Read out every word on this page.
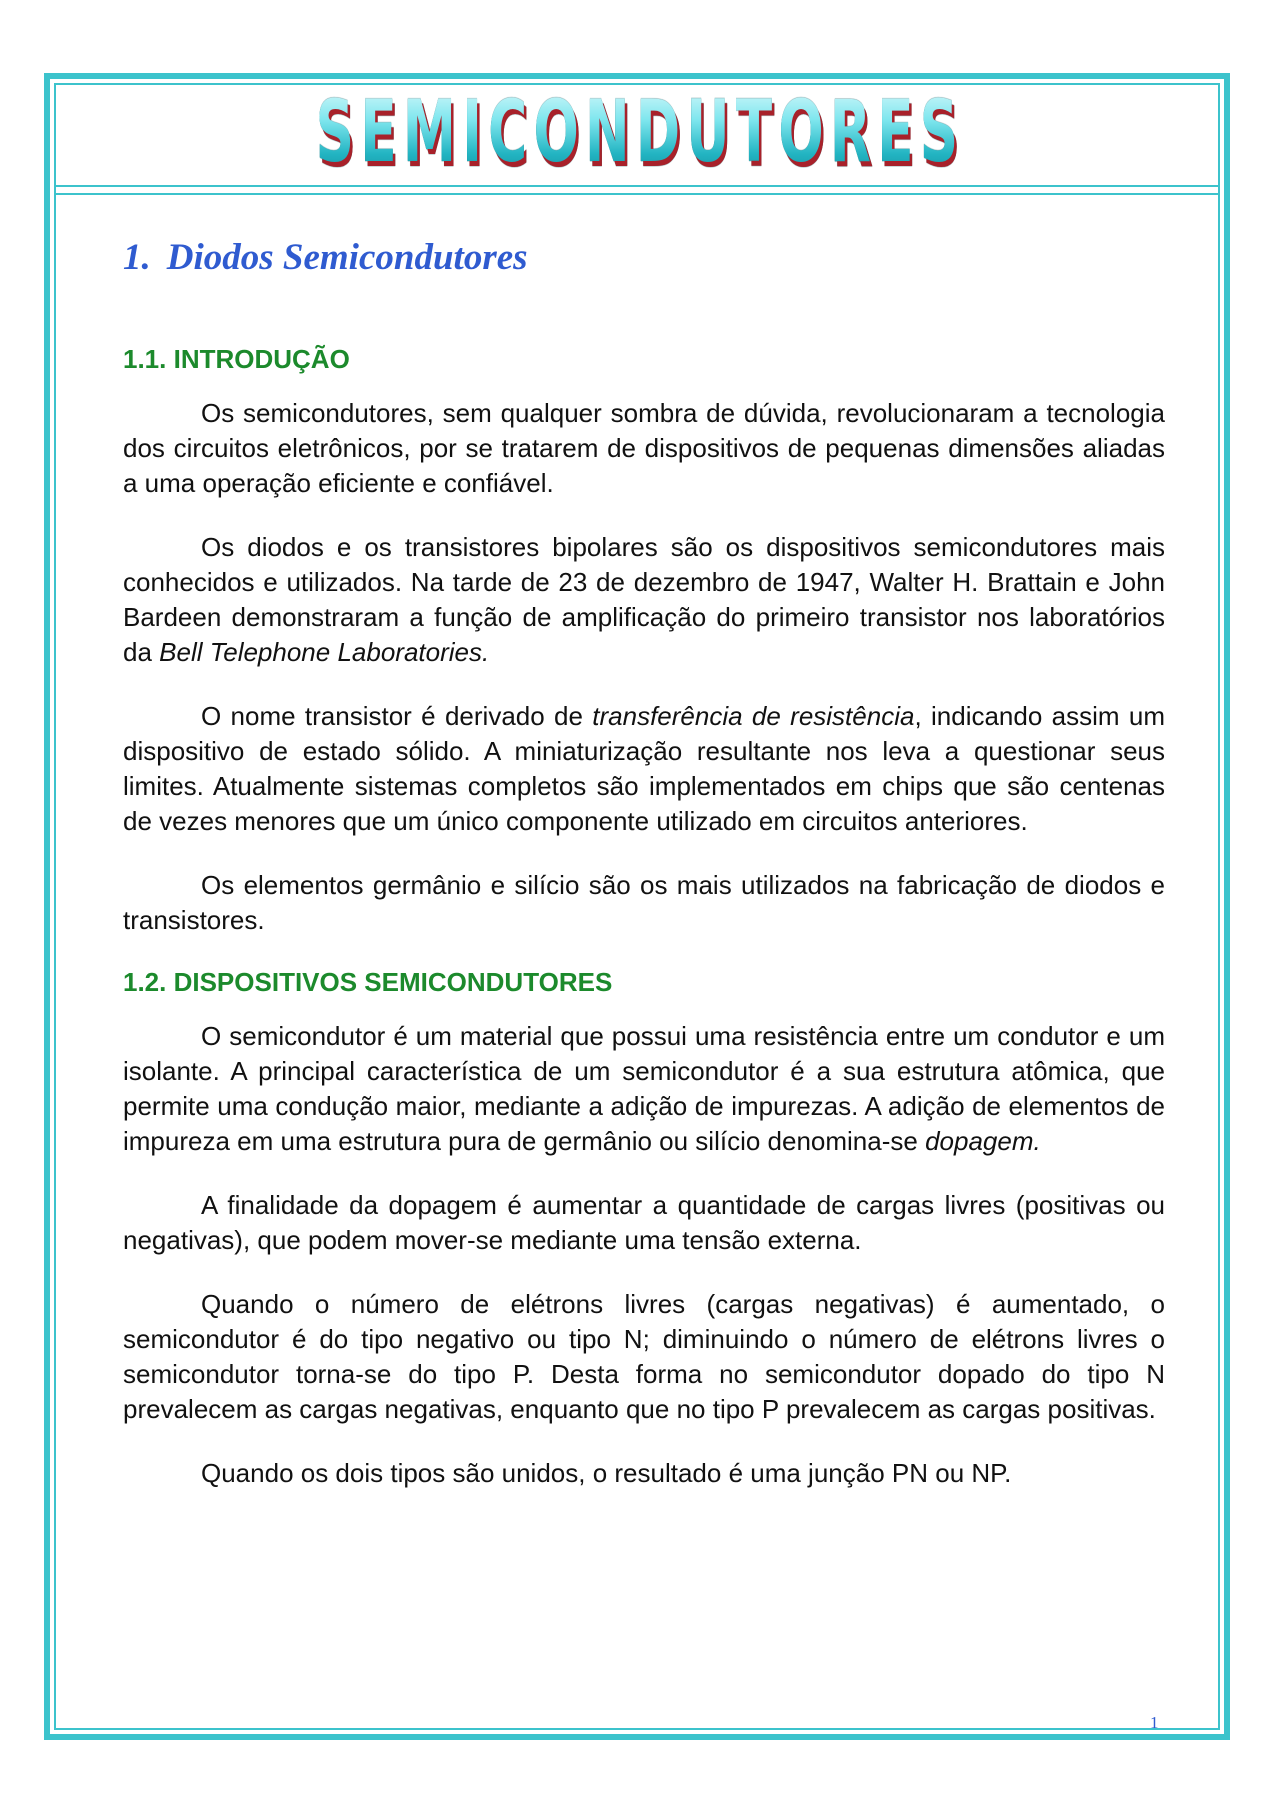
SEMICONDUTORES
1. Diodos Semicondutores
1.1. INTRODUÇÃO

Os semicondutores, sem qualquer sombra de dúvida, revolucionaram a tecnologia dos circuitos eletrônicos, por se tratarem de dispositivos de pequenas dimensões aliadas a uma operação eficiente e confiável.

Os diodos e os transistores bipolares são os dispositivos semicondutores mais conhecidos e utilizados. Na tarde de 23 de dezembro de 1947, Walter H. Brattain e John Bardeen demonstraram a função de amplificação do primeiro transistor nos laboratórios da Bell Telephone Laboratories.

O nome transistor é derivado de transferência de resistência, indicando assim um dispositivo de estado sólido. A miniaturização resultante nos leva a questionar seus limites. Atualmente sistemas completos são implementados em chips que são centenas de vezes menores que um único componente utilizado em circuitos anteriores.

Os elementos germânio e silício são os mais utilizados na fabricação de diodos e transistores.

1.2. DISPOSITIVOS SEMICONDUTORES

O semicondutor é um material que possui uma resistência entre um condutor e um isolante. A principal característica de um semicondutor é a sua estrutura atômica, que permite uma condução maior, mediante a adição de impurezas. A adição de elementos de impureza em uma estrutura pura de germânio ou silício denomina-se dopagem.

A finalidade da dopagem é aumentar a quantidade de cargas livres (positivas ou negativas), que podem mover-se mediante uma tensão externa.

Quando o número de elétrons livres (cargas negativas) é aumentado, o semicondutor é do tipo negativo ou tipo N; diminuindo o número de elétrons livres o semicondutor torna-se do tipo P. Desta forma no semicondutor dopado do tipo N prevalecem as cargas negativas, enquanto que no tipo P prevalecem as cargas positivas.

Quando os dois tipos são unidos, o resultado é uma junção PN ou NP.

1
